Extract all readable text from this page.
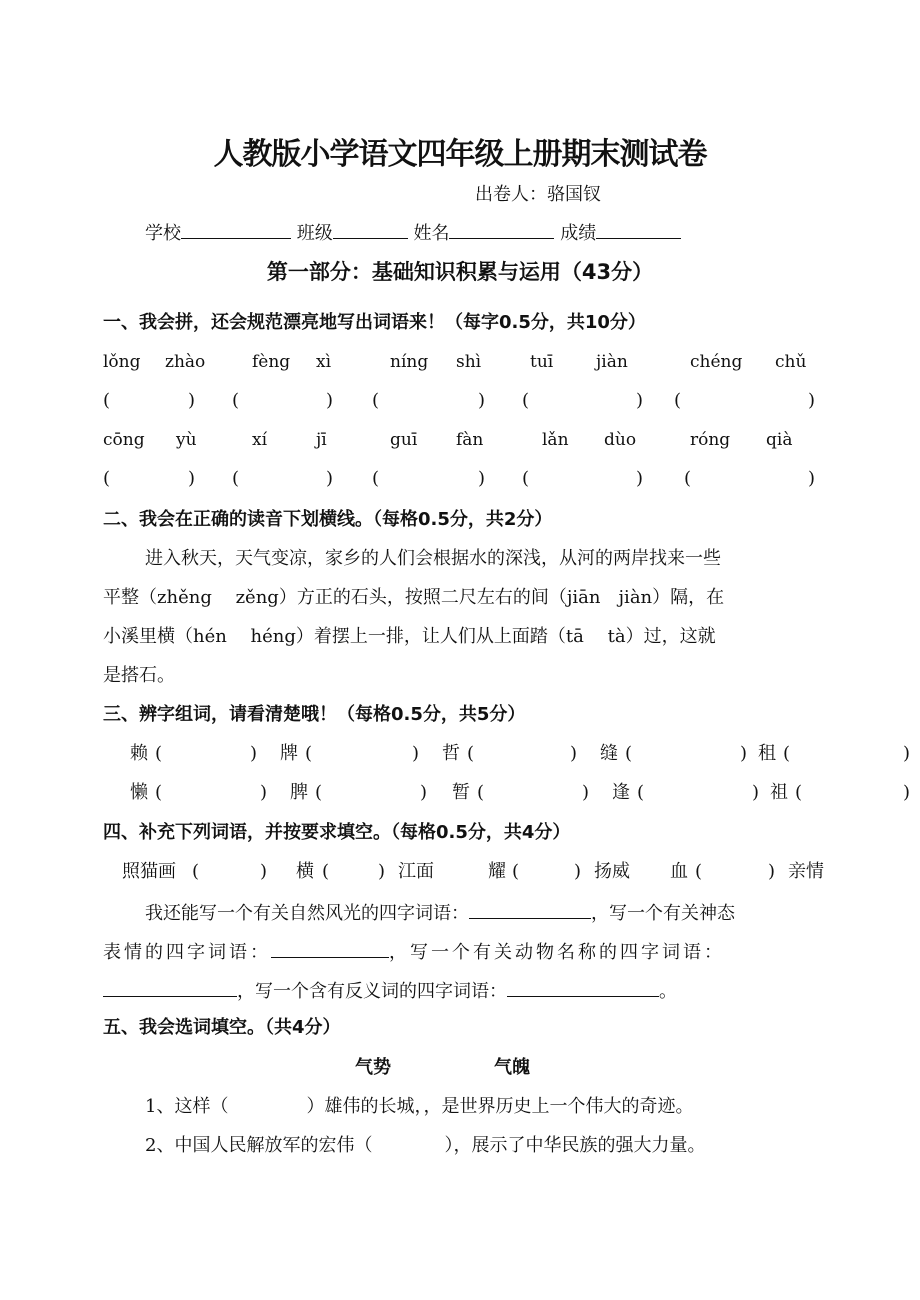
人教版小学语文四年级上册期末测试卷
出卷人：骆国钗
学校	班级	姓名	成绩
第一部分：基础知识积累与运用（43分）
一、我会拼，还会规范漂亮地写出词语来！（每字0.5分，共10分）
lǒng zhào	fèng xì	níng shì	tuī	jiàn	chéng chǔ
(	) (	) (	) (	) (	)
cōng yù	xí	jī	guī fàn	lǎn dùo	róng qià
(	) (	) (	) (	) (	)
二、我会在正确的读音下划横线。（每格0.5分，共2分）
进入秋天，天气变凉，家乡的人们会根据水的深浅，从河的两岸找来一些
平整（zhěng　 zěng）方正的石头，按照二尺左右的间（jiān　jiàn）隔，在
小溪里横（hén　 héng）着摆上一排，让人们从上面踏（tā　 tà）过，这就
是搭石。
三、辨字组词，请看清楚哦！（每格0.5分，共5分）
赖 (	) 牌 (	) 哲 (	) 缝 (	) 租 (	)
懒 (	) 脾 (	) 暂 (	) 逢 (	) 祖 (	)
四、补充下列词语，并按要求填空。（每格0.5分，共4分）
照猫画 (	) 横 (	) 江面	耀 (	) 扬威 血 (	) 亲情
我还能写一个有关自然风光的四字词语：	，写一个有关神态
表情的四字词语：	，写一个有关动物名称的四字词语：
，写一个含有反义词的四字词语：	。
五、我会选词填空。（共4分）
气势	气魄
1、这样（	）雄伟的长城，，是世界历史上一个伟大的奇迹。
2、中国人民解放军的宏伟（	），展示了中华民族的强大力量。
